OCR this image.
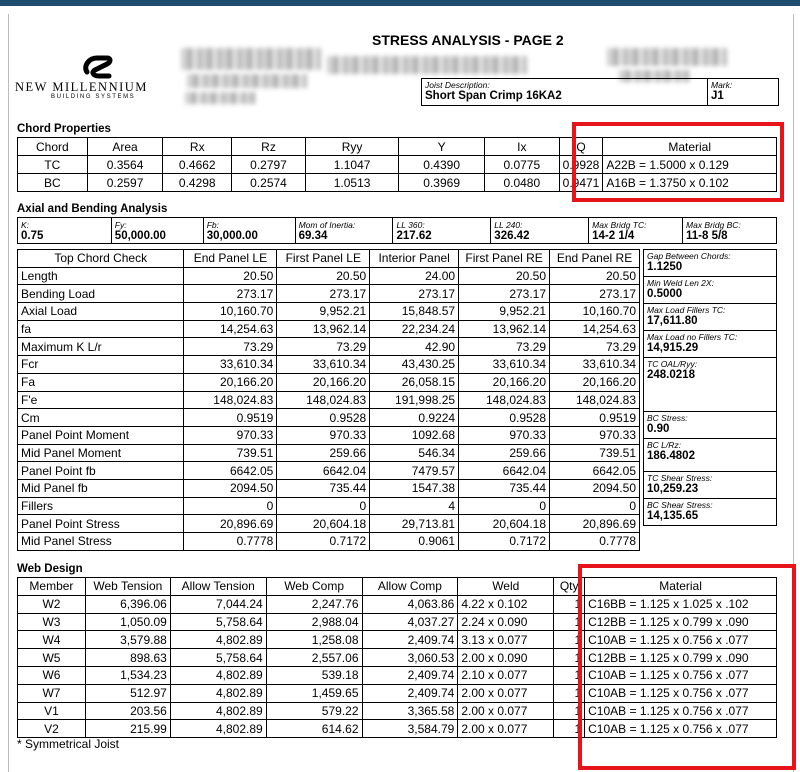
STRESS ANALYSIS - PAGE 2
NEW MILLENNIUM
BUILDING SYSTEMS
Joist Description:
Short Span Crimp 16KA2
Mark:
J1
Chord Properties
Chord	Area	Rx	Rz	Ryy	Y	Ix	Q	Material
TC	0.3564	0.4662	0.2797	1.1047	0.4390	0.0775	0.9928	A22B = 1.5000 x 0.129
BC	0.2597	0.4298	0.2574	1.0513	0.3969	0.0480	0.9471	A16B = 1.3750 x 0.102
Axial and Bending Analysis
K:
0.75

Fy:
50,000.00

Fb:
30,000.00

Mom of Inertia:
69.34

LL 360:
217.62

LL 240:
326.42

Max Bridg TC:
14-2 1/4

Max Bridg BC:
11-8 5/8
Top Chord Check	End Panel LE	First Panel LE	Interior Panel	First Panel RE	End Panel RE
Length	20.50	20.50	24.00	20.50	20.50
Bending Load	273.17	273.17	273.17	273.17	273.17
Axial Load	10,160.70	9,952.21	15,848.57	9,952.21	10,160.70
fa	14,254.63	13,962.14	22,234.24	13,962.14	14,254.63
Maximum K L/r	73.29	73.29	42.90	73.29	73.29
Fcr	33,610.34	33,610.34	43,430.25	33,610.34	33,610.34
Fa	20,166.20	20,166.20	26,058.15	20,166.20	20,166.20
F'e	148,024.83	148,024.83	191,998.25	148,024.83	148,024.83
Cm	0.9519	0.9528	0.9224	0.9528	0.9519
Panel Point Moment	970.33	970.33	1092.68	970.33	970.33
Mid Panel Moment	739.51	259.66	546.34	259.66	739.51
Panel Point fb	6642.05	6642.04	7479.57	6642.04	6642.05
Mid Panel fb	2094.50	735.44	1547.38	735.44	2094.50
Fillers	0	0	4	0	0
Panel Point Stress	20,896.69	20,604.18	29,713.81	20,604.18	20,896.69
Mid Panel Stress	0.7778	0.7172	0.9061	0.7172	0.7778
Gap Between Chords:
1.1250

Min Weld Len 2X:
0.5000

Max Load Fillers TC:
17,611.80

Max Load no Fillers TC:
14,915.29

TC OAL/Ryy:
248.0218

BC Stress:
0.90

BC L/Rz:
186.4802

TC Shear Stress:
10,259.23

BC Shear Stress:
14,135.65
Web Design
Member	Web Tension	Allow Tension	Web Comp	Allow Comp	Weld	Qty	Material
W2	6,396.06	7,044.24	2,247.76	4,063.86	4.22 x 0.102	1	C16BB = 1.125 x 1.025 x .102
W3	1,050.09	5,758.64	2,988.04	4,037.27	2.24 x 0.090	1	C12BB = 1.125 x 0.799 x .090
W4	3,579.88	4,802.89	1,258.08	2,409.74	3.13 x 0.077	1	C10AB = 1.125 x 0.756 x .077
W5	898.63	5,758.64	2,557.06	3,060.53	2.00 x 0.090	1	C12BB = 1.125 x 0.799 x .090
W6	1,534.23	4,802.89	539.18	2,409.74	2.10 x 0.077	1	C10AB = 1.125 x 0.756 x .077
W7	512.97	4,802.89	1,459.65	2,409.74	2.00 x 0.077	1	C10AB = 1.125 x 0.756 x .077
V1	203.56	4,802.89	579.22	3,365.58	2.00 x 0.077	1	C10AB = 1.125 x 0.756 x .077
V2	215.99	4,802.89	614.62	3,584.79	2.00 x 0.077	1	C10AB = 1.125 x 0.756 x .077
* Symmetrical Joist
